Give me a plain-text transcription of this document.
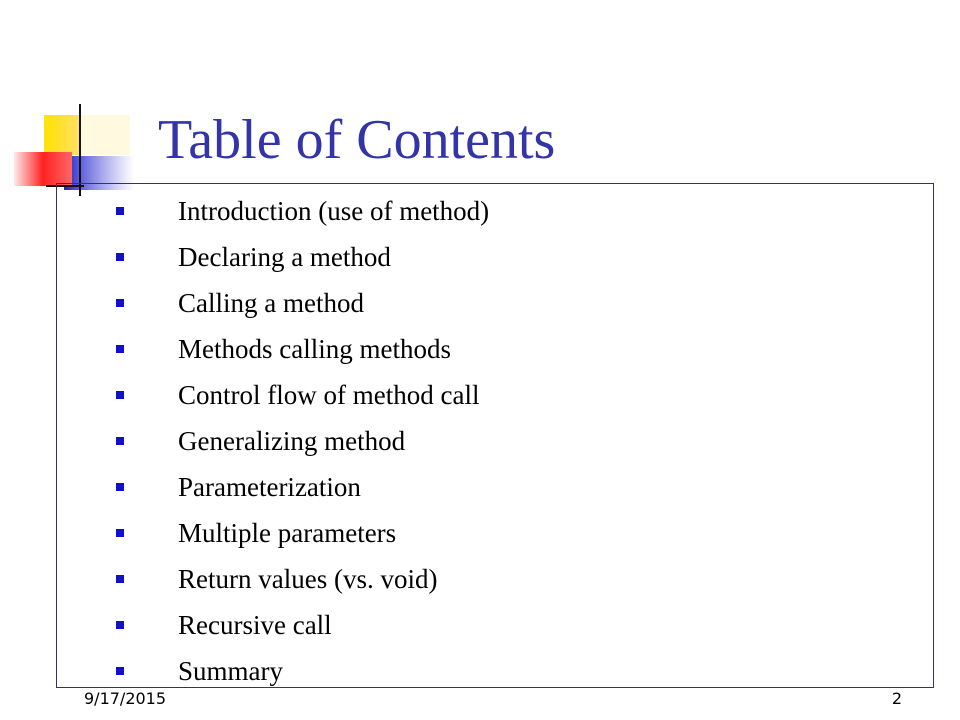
Table of Contents
Introduction (use of method)
Declaring a method
Calling a method
Methods calling methods
Control flow of method call
Generalizing method
Parameterization
Multiple parameters
Return values (vs. void)
Recursive call
Summary
9/17/2015	2
